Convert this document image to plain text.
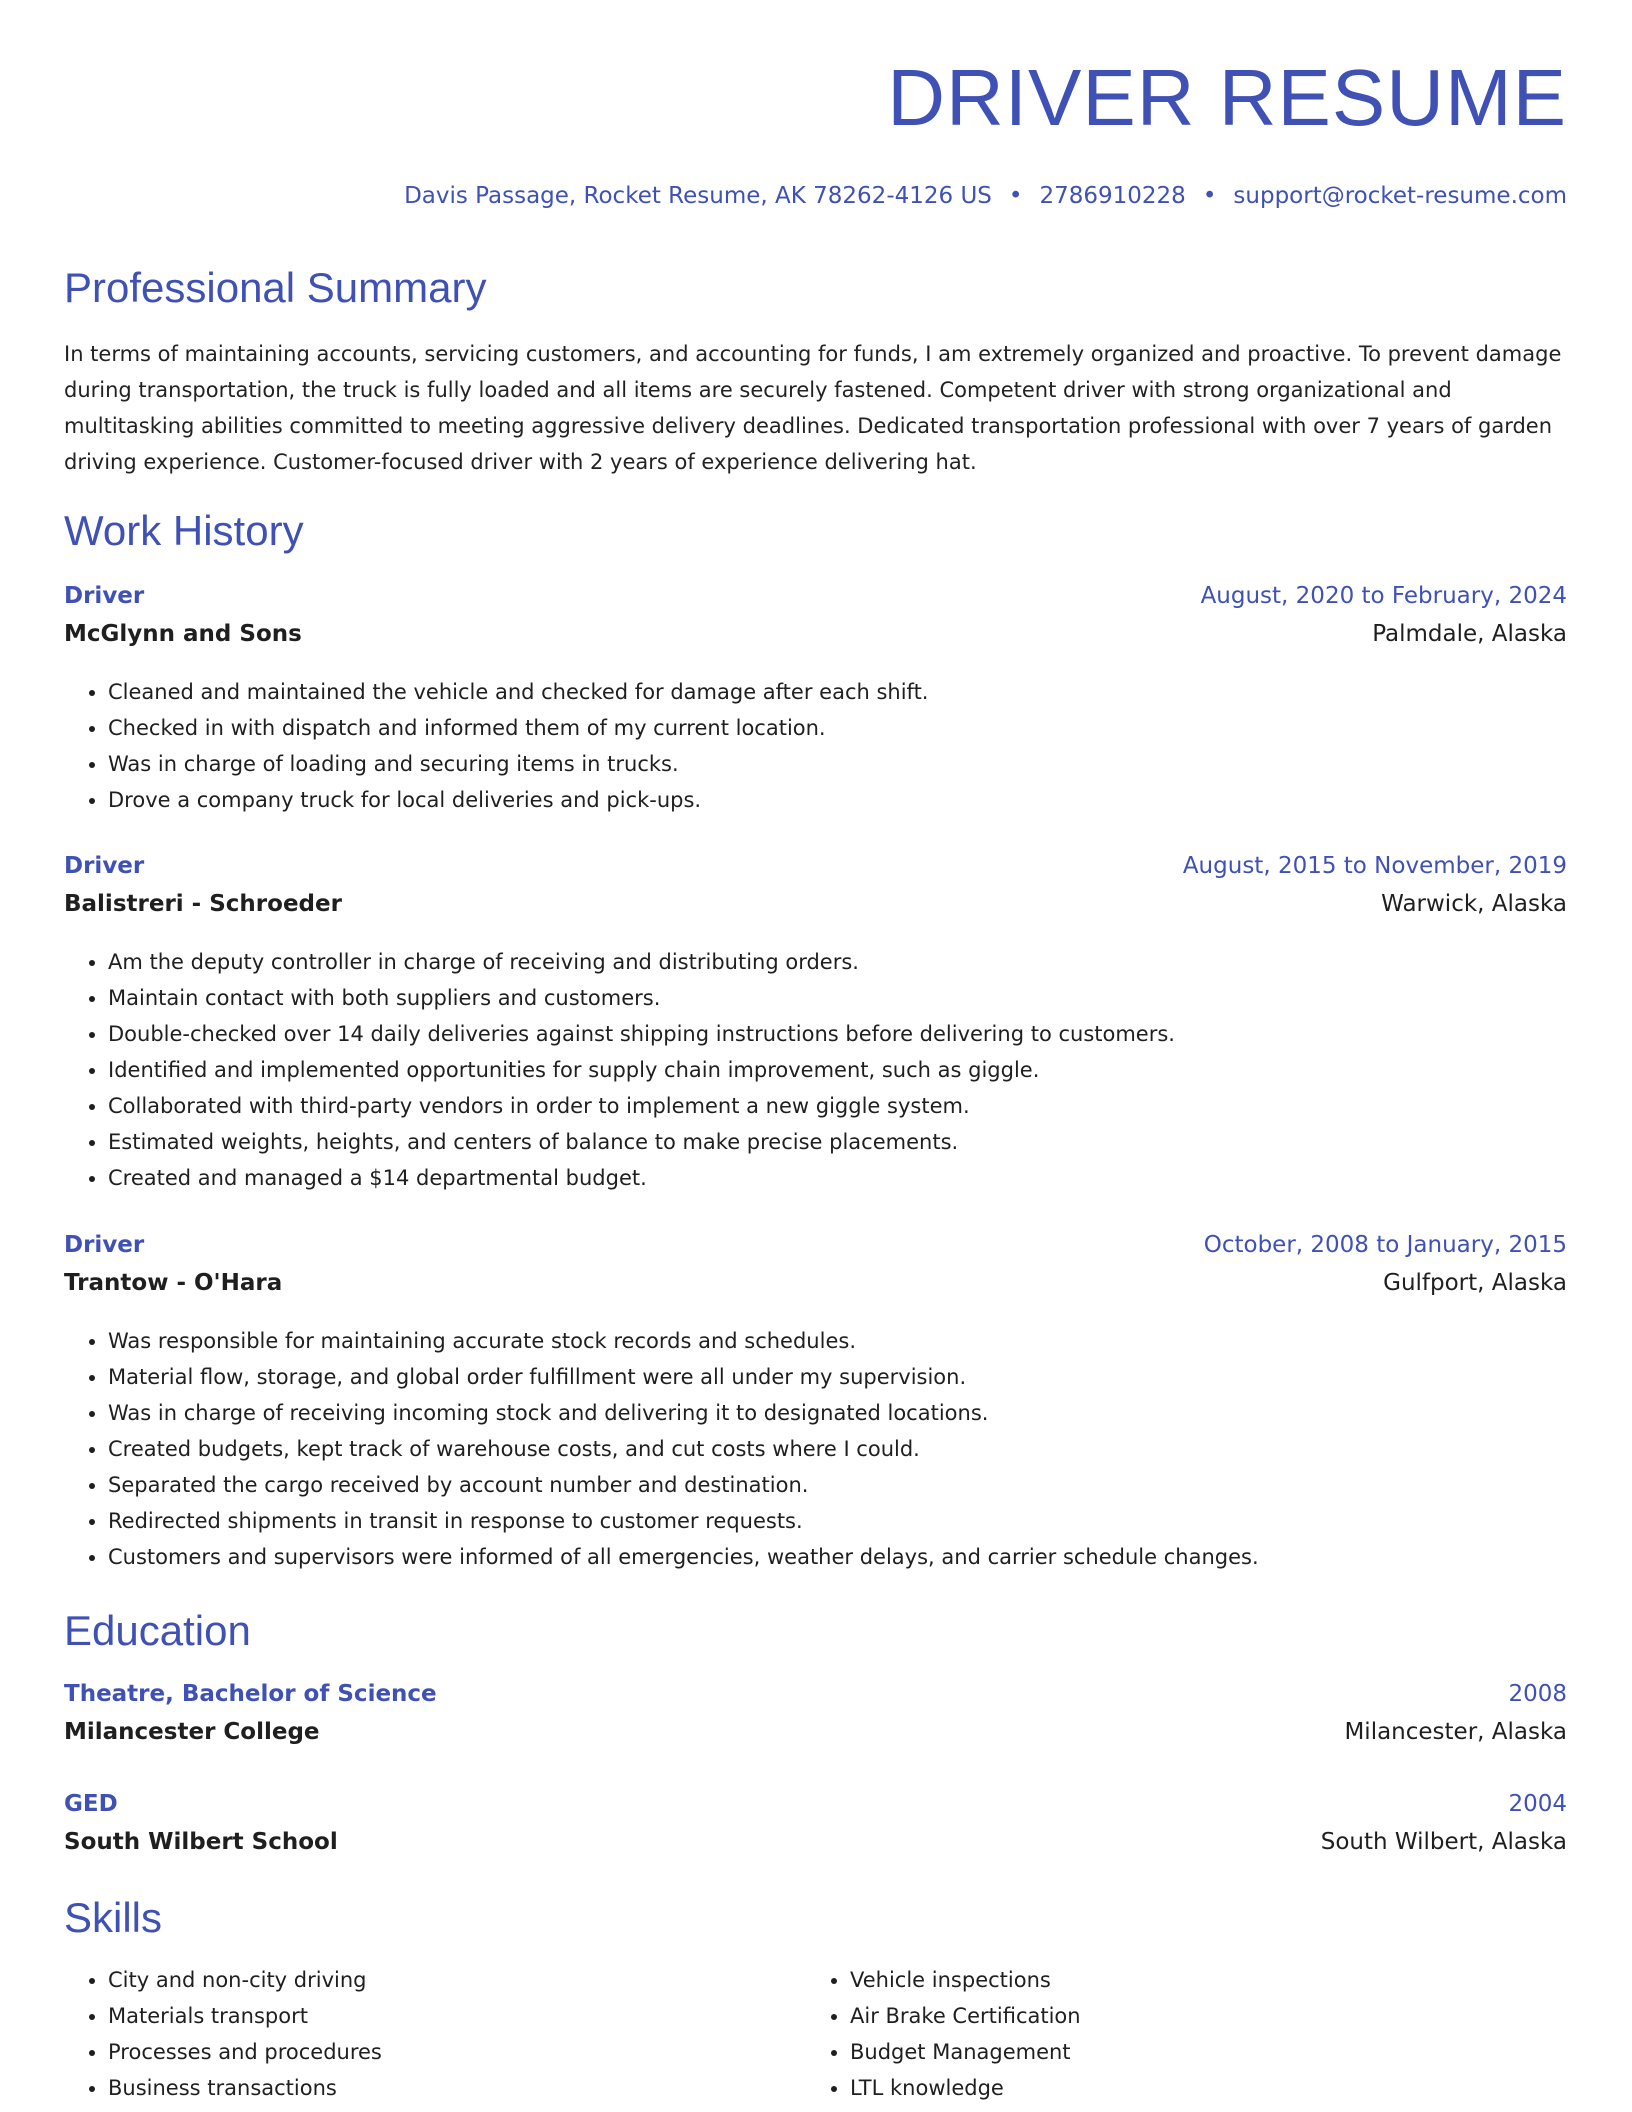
DRIVER RESUME
Davis Passage, Rocket Resume, AK 78262-4126 US • 2786910228 • support@rocket-resume.com
Professional Summary

In terms of maintaining accounts, servicing customers, and accounting for funds, I am extremely organized and proactive. To prevent damage during transportation, the truck is fully loaded and all items are securely fastened. Competent driver with strong organizational and multitasking abilities committed to meeting aggressive delivery deadlines. Dedicated transportation professional with over 7 years of garden driving experience. Customer-focused driver with 2 years of experience delivering hat.

Work History
Driver	August, 2020 to February, 2024
McGlynn and Sons	Palmdale, Alaska
• Cleaned and maintained the vehicle and checked for damage after each shift.
• Checked in with dispatch and informed them of my current location.
• Was in charge of loading and securing items in trucks.
• Drove a company truck for local deliveries and pick-ups.
Driver	August, 2015 to November, 2019
Balistreri - Schroeder	Warwick, Alaska
• Am the deputy controller in charge of receiving and distributing orders.
• Maintain contact with both suppliers and customers.
• Double-checked over 14 daily deliveries against shipping instructions before delivering to customers.
• Identified and implemented opportunities for supply chain improvement, such as giggle.
• Collaborated with third-party vendors in order to implement a new giggle system.
• Estimated weights, heights, and centers of balance to make precise placements.
• Created and managed a $14 departmental budget.
Driver	October, 2008 to January, 2015
Trantow - O'Hara	Gulfport, Alaska
• Was responsible for maintaining accurate stock records and schedules.
• Material flow, storage, and global order fulfillment were all under my supervision.
• Was in charge of receiving incoming stock and delivering it to designated locations.
• Created budgets, kept track of warehouse costs, and cut costs where I could.
• Separated the cargo received by account number and destination.
• Redirected shipments in transit in response to customer requests.
• Customers and supervisors were informed of all emergencies, weather delays, and carrier schedule changes.
Education
Theatre, Bachelor of Science	2008
Milancester College	Milancester, Alaska
GED	2004
South Wilbert School	South Wilbert, Alaska
Skills
• City and non-city driving
• Materials transport
• Processes and procedures
• Business transactions
• Vehicle inspections
• Air Brake Certification
• Budget Management
• LTL knowledge
